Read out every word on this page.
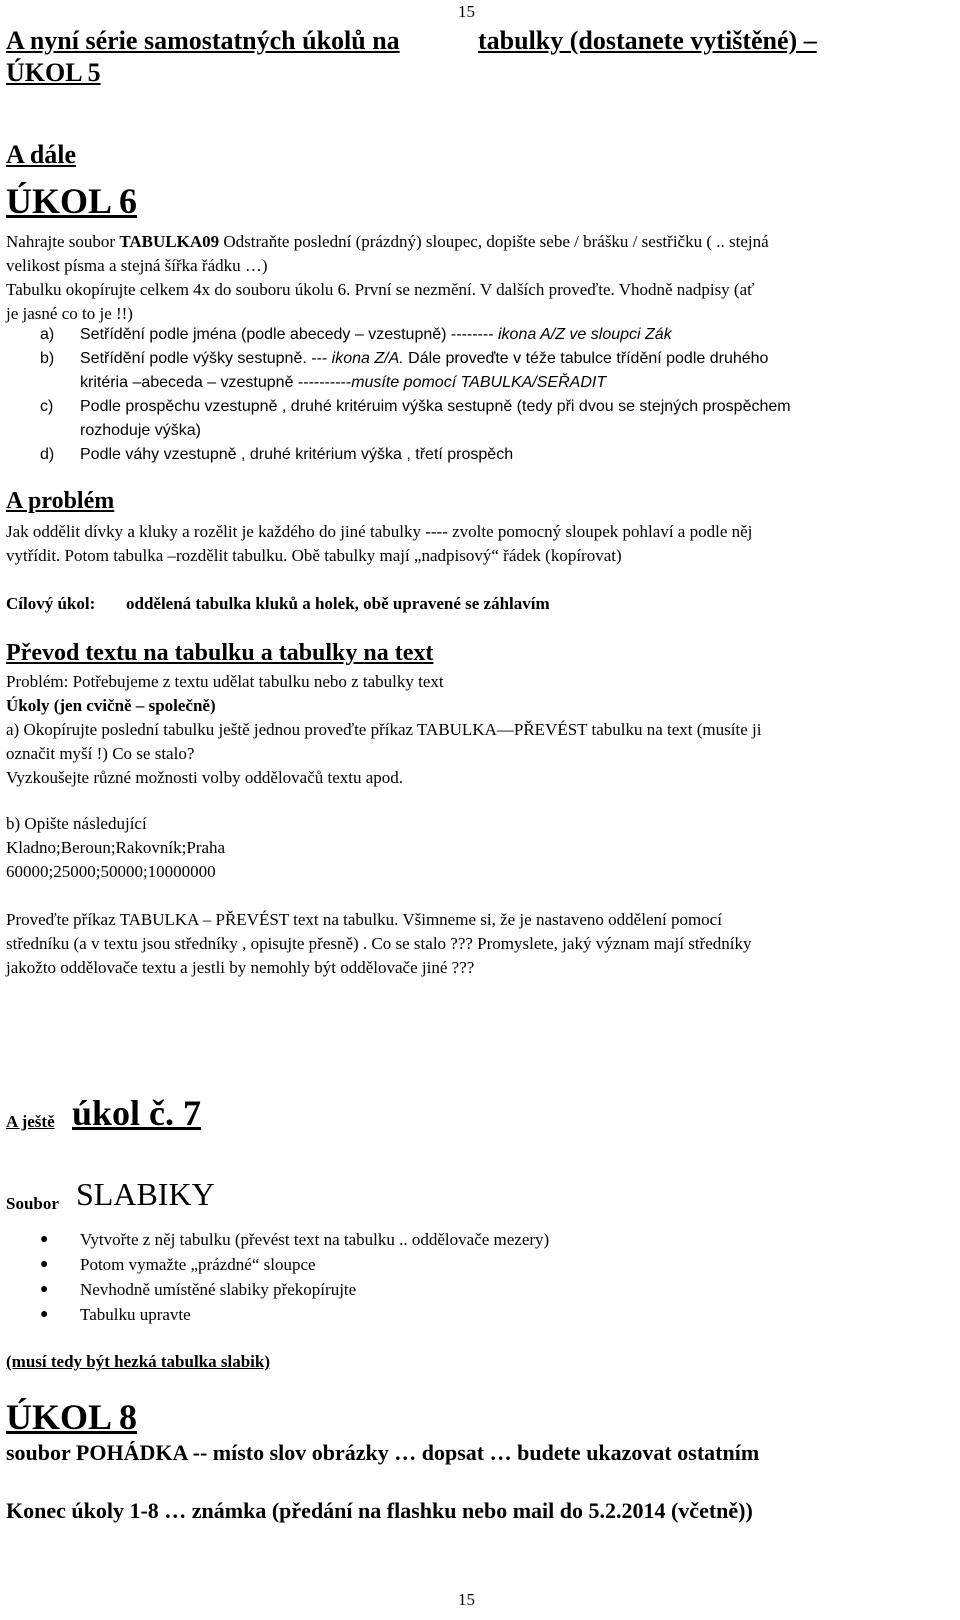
15
A nyní série samostatných úkolů na	tabulky (dostanete vytištěné) –
ÚKOL 5
A dále
ÚKOL 6
Nahrajte soubor TABULKA09 Odstraňte poslední (prázdný) sloupec, dopište sebe / brášku / sestřičku ( .. stejná
velikost písma a stejná šířka řádku …)
Tabulku okopírujte celkem 4x do souboru úkolu 6. První se nezmění. V dalších proveďte. Vhodně nadpisy (ať
je jasné co to je !!)
a) Setřídění podle jména (podle abecedy – vzestupně) -------- ikona A/Z ve sloupci Zák
b) Setřídění podle výšky sestupně. --- ikona Z/A. Dále proveďte v téže tabulce třídění podle druhého
kritéria –abeceda – vzestupně ----------musíte pomocí TABULKA/SEŘADIT
c) Podle prospěchu vzestupně , druhé kritéruim výška sestupně (tedy při dvou se stejných prospěchem
rozhoduje výška)
d) Podle váhy vzestupně , druhé kritérium výška , třetí prospěch
A problém
Jak oddělit dívky a kluky a rozělit je každého do jiné tabulky ---- zvolte pomocný sloupek pohlaví a podle něj
vytřídit. Potom tabulka –rozdělit tabulku. Obě tabulky mají „nadpisový“ řádek (kopírovat)
Cílový úkol: oddělená tabulka kluků a holek, obě upravené se záhlavím
Převod textu na tabulku a tabulky na text
Problém: Potřebujeme z textu udělat tabulku nebo z tabulky text
Úkoly (jen cvičně – společně)
a) Okopírujte poslední tabulku ještě jednou proveďte příkaz TABULKA—PŘEVÉST tabulku na text (musíte ji
označit myší !) Co se stalo?
Vyzkoušejte různé možnosti volby oddělovačů textu apod.
b) Opište následující
Kladno;Beroun;Rakovník;Praha
60000;25000;50000;10000000
Proveďte příkaz TABULKA – PŘEVÉST text na tabulku. Všimneme si, že je nastaveno oddělení pomocí
středníku (a v textu jsou středníky , opisujte přesně) . Co se stalo ??? Promyslete, jaký význam mají středníky
jakožto oddělovače textu a jestli by nemohly být oddělovače jiné ???
A ještě úkol č. 7
Soubor SLABIKY
● Vytvořte z něj tabulku (převést text na tabulku .. oddělovače mezery)
● Potom vymažte „prázdné“ sloupce
● Nevhodně umístěné slabiky překopírujte
● Tabulku upravte
(musí tedy být hezká tabulka slabik)
ÚKOL 8
soubor POHÁDKA -- místo slov obrázky … dopsat … budete ukazovat ostatním
Konec úkoly 1-8 … známka (předání na flashku nebo mail do 5.2.2014 (včetně))
15
